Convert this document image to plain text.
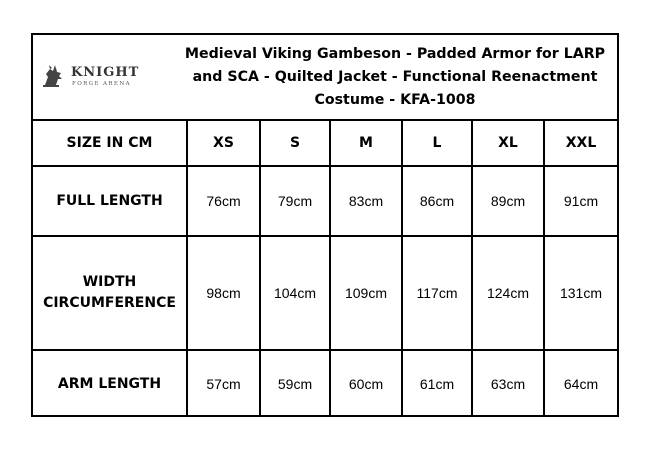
KNIGHT
FORGE ARENA
Medieval Viking Gambeson - Padded Armor for LARP and SCA - Quilted Jacket - Functional Reenactment Costume - KFA-1008
SIZE IN CM	XS	S	M	L	XL	XXL
FULL LENGTH	76cm	79cm	83cm	86cm	89cm	91cm

WIDTH
CIRCUMFERENCE	98cm	104cm	109cm	117cm	124cm	131cm
ARM LENGTH	57cm	59cm	60cm	61cm	63cm	64cm
